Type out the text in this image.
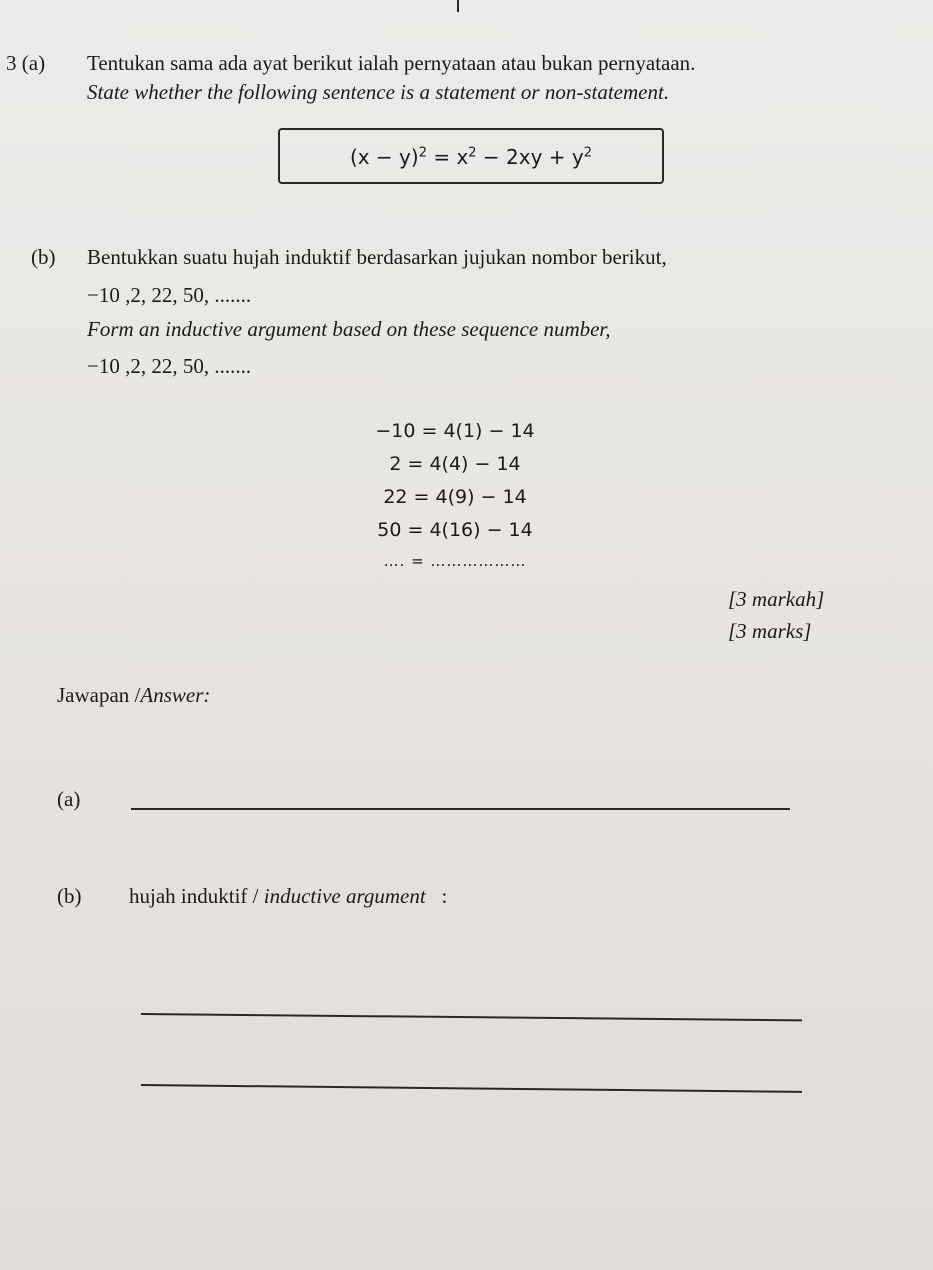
3 (a) Tentukan sama ada ayat berikut ialah pernyataan atau bukan pernyataan.
State whether the following sentence is a statement or non-statement.
$(x - y)^2 = x^2 - 2xy + y^2$
(b) Bentukkan suatu hujah induktif berdasarkan jujukan nombor berikut,
−10 ,2, 22, 50, .......
Form an inductive argument based on these sequence number,
−10 ,2, 22, 50, .......
−10 = 4(1) − 14
2 = 4(4) − 14
22 = 4(9) − 14
50 = 4(16) − 14
…. = ………………
[3 markah]
[3 marks]
Jawapan /Answer:
(a)
(b) hujah induktif / inductive argument   :
